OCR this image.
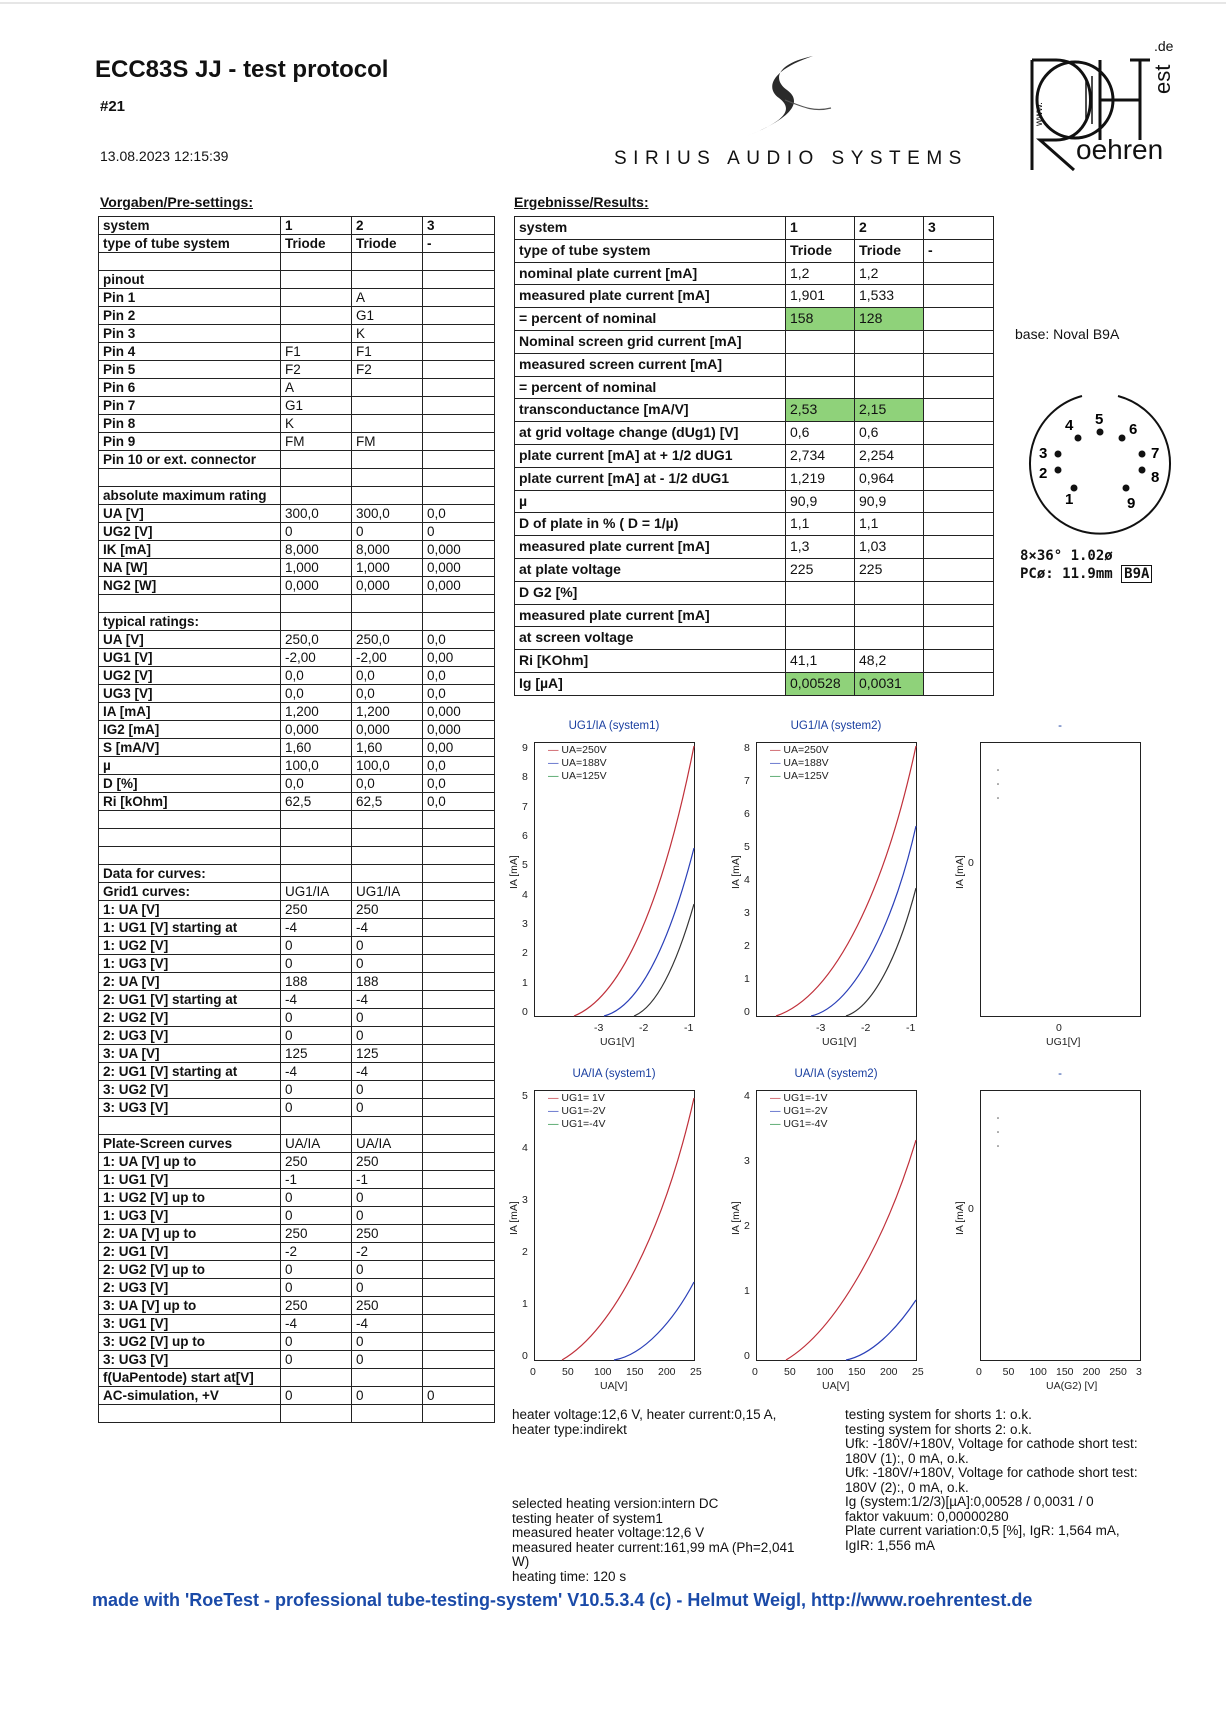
ECC83S JJ - test protocol
#21
13.08.2023 12:15:39	SIRIUS AUDIO SYSTEMS
www.
oehren
est
.de
Vorgaben/Pre-settings:	Ergebnisse/Results:
system	1	2	3
type of tube system	Triode	Triode	-

pinout			
Pin 1		A	
Pin 2		G1	
Pin 3		K	
Pin 4	F1	F1	
Pin 5	F2	F2	
Pin 6	A		
Pin 7	G1		
Pin 8	K		
Pin 9	FM	FM	
Pin 10 or ext. connector			

absolute maximum rating			
UA [V]	300,0	300,0	0,0
UG2 [V]	0	0	0
IK [mA]	8,000	8,000	0,000
NA [W]	1,000	1,000	0,000
NG2 [W]	0,000	0,000	0,000

typical ratings:			
UA [V]	250,0	250,0	0,0
UG1 [V]	-2,00	-2,00	0,00
UG2 [V]	0,0	0,0	0,0
UG3 [V]	0,0	0,0	0,0
IA [mA]	1,200	1,200	0,000
IG2 [mA]	0,000	0,000	0,000
S [mA/V]	1,60	1,60	0,00
µ	100,0	100,0	0,0
D [%]	0,0	0,0	0,0
Ri [kOhm]	62,5	62,5	0,0

Data for curves:			
Grid1 curves:	UG1/IA	UG1/IA	
1: UA [V]	250	250	
1: UG1 [V] starting at	-4	-4	
1: UG2 [V]	0	0	
1: UG3 [V]	0	0	
2: UA [V]	188	188	
2: UG1 [V] starting at	-4	-4	
2: UG2 [V]	0	0	
2: UG3 [V]	0	0	
3: UA [V]	125	125	
2: UG1 [V] starting at	-4	-4	
3: UG2 [V]	0	0	
3: UG3 [V]	0	0	

Plate-Screen curves	UA/IA	UA/IA	
1: UA [V] up to	250	250	
1: UG1 [V]	-1	-1	
1: UG2 [V] up to	0	0	
1: UG3 [V]	0	0	
2: UA [V] up to	250	250	
2: UG1 [V]	-2	-2	
2: UG2 [V] up to	0	0	
2: UG3 [V]	0	0	
3: UA [V] up to	250	250	
3: UG1 [V]	-4	-4	
3: UG2 [V] up to	0	0	
3: UG3 [V]	0	0	
f(UaPentode) start at[V]			
AC-simulation, +V	0	0	0

system	1	2	3
type of tube system	Triode	Triode	-
nominal plate current [mA]	1,2	1,2	
measured plate current [mA]	1,901	1,533	
= percent of nominal	158	128	
Nominal screen grid current [mA]			
measured screen current [mA]			
= percent of nominal			
transconductance [mA/V]	2,53	2,15	
at grid voltage change (dUg1) [V]	0,6	0,6	
plate current [mA] at + 1/2 dUG1	2,734	2,254	
plate current [mA] at - 1/2 dUG1	1,219	0,964	
µ	90,9	90,9	
D of plate in % ( D = 1/µ)	1,1	1,1	
measured plate current [mA]	1,3	1,03	
at plate voltage	225	225	
D G2 [%]			
measured plate current [mA]			
at screen voltage			
Ri [KOhm]	41,1	48,2	
Ig [µA]	0,00528	0,0031	
base: Noval B9A
1
2
3
4 5
6
7
8
9
8×36° 1.02ø
PCø: 11.9mm B9A
UG1/IA (system1)
— UA=250V
— UA=188V
— UA=125V
9
8
7
6
5
4
3
2
1
0
-3	-2	-1
UG1[V]
IA [mA]
UG1/IA (system2)
— UA=250V
— UA=188V
— UA=125V
8
7
6
5
4
3
2
1
0
-3	-2	-1
UG1[V]
IA [mA]
-
0
0
UG1[V]
IA [mA]
UA/IA (system1)
— UG1= 1V
— UG1=-2V
— UG1=-4V
5
4
3
2
1
0
0 50 100 150 200 25
UA[V]
IA [mA]
UA/IA (system2)
— UG1=-1V
— UG1=-2V
— UG1=-4V
4
3
2
1
0
0 50 100 150 200 25
UA[V]
IA [mA]
-
0
0 50 100 150 200 250 3
UA(G2) [V]
IA [mA]
heater voltage:12,6 V, heater current:0,15 A,
heater type:indirekt
testing system for shorts 1: o.k.
testing system for shorts 2: o.k.
Ufk: -180V/+180V, Voltage for cathode short test:
180V (1):, 0 mA, o.k.
Ufk: -180V/+180V, Voltage for cathode short test:
180V (2):, 0 mA, o.k.
Ig (system:1/2/3)[µA]:0,00528 / 0,0031 / 0
faktor vakuum: 0,00000280
Plate current variation:0,5 [%], IgR: 1,564 mA,
IgIR: 1,556 mA
selected heating version:intern DC
testing heater of system1
measured heater voltage:12,6 V
measured heater current:161,99 mA (Ph=2,041
W)
heating time: 120 s
made with 'RoeTest - professional tube-testing-system' V10.5.3.4 (c) - Helmut Weigl, http://www.roehrentest.de
